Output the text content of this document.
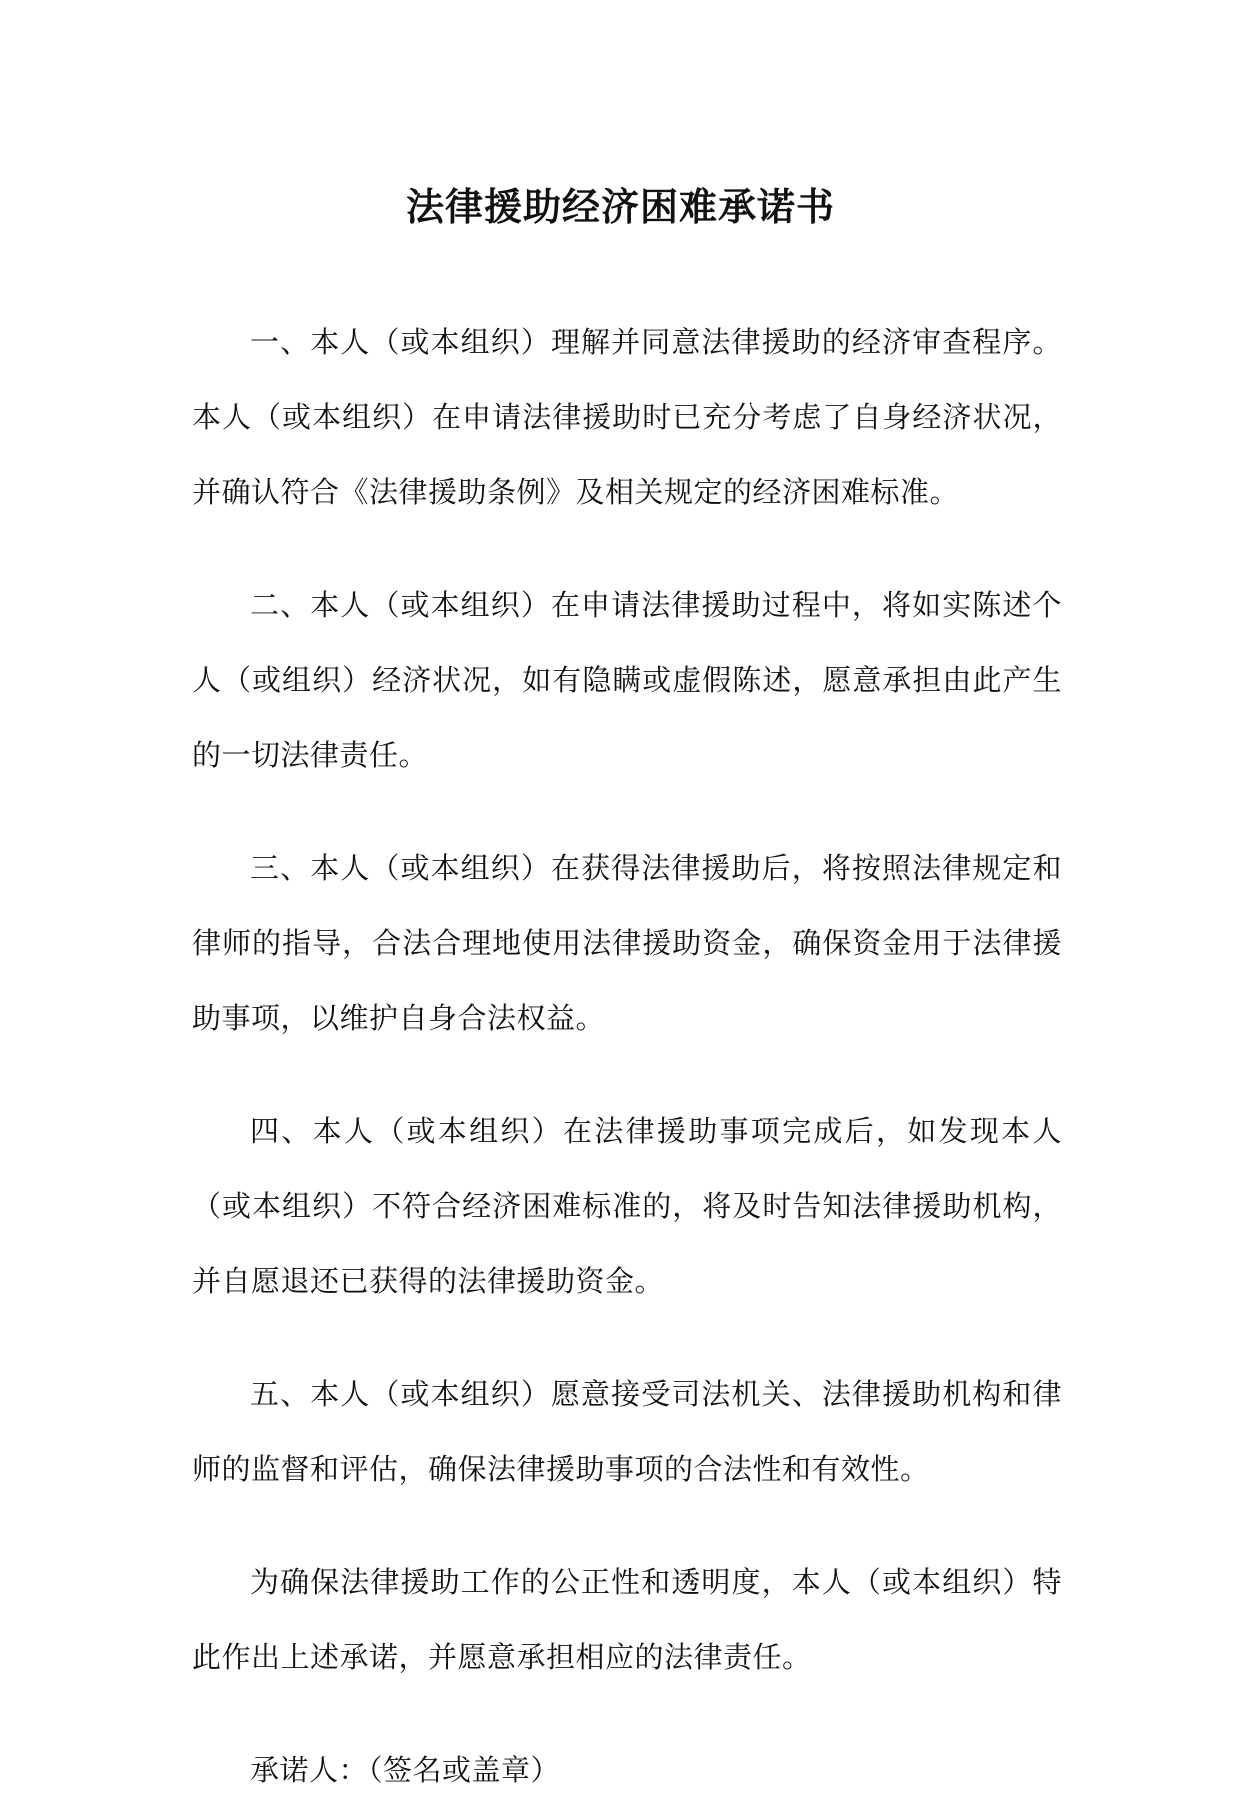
法律援助经济困难承诺书

一、本人（或本组织）理解并同意法律援助的经济审查程序。本人（或本组织）在申请法律援助时已充分考虑了自身经济状况，并确认符合《法律援助条例》及相关规定的经济困难标准。

二、本人（或本组织）在申请法律援助过程中，将如实陈述个人（或组织）经济状况，如有隐瞒或虚假陈述，愿意承担由此产生的一切法律责任。

三、本人（或本组织）在获得法律援助后，将按照法律规定和律师的指导，合法合理地使用法律援助资金，确保资金用于法律援助事项，以维护自身合法权益。

四、本人（或本组织）在法律援助事项完成后，如发现本人（或本组织）不符合经济困难标准的，将及时告知法律援助机构，并自愿退还已获得的法律援助资金。

五、本人（或本组织）愿意接受司法机关、法律援助机构和律师的监督和评估，确保法律援助事项的合法性和有效性。

为确保法律援助工作的公正性和透明度，本人（或本组织）特此作出上述承诺，并愿意承担相应的法律责任。

承诺人：（签名或盖章）
